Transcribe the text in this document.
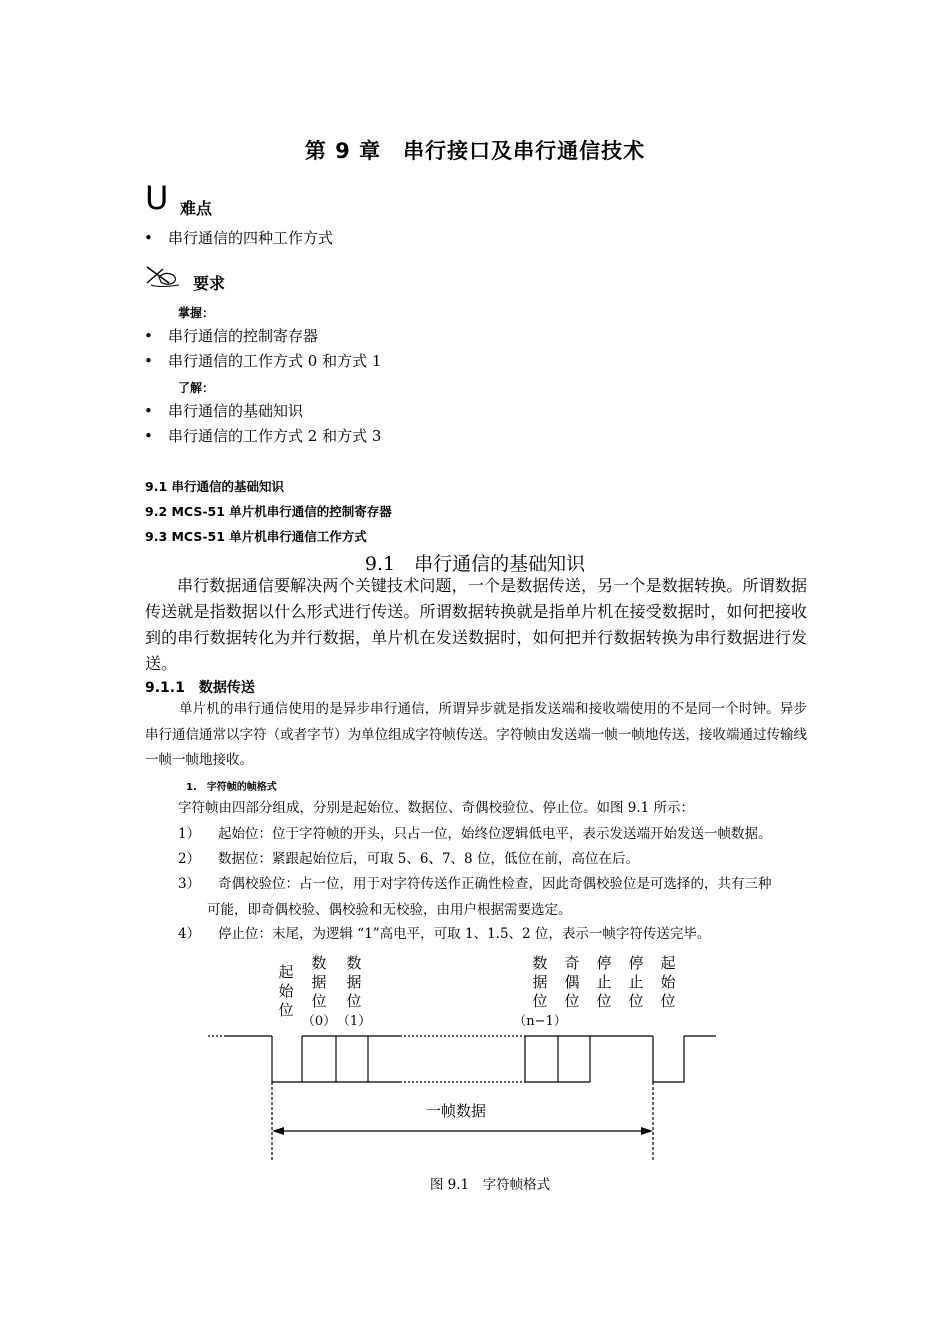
第 9 章　串行接口及串行通信技术
U 难点
• 串行通信的四种工作方式
要求
掌握：
• 串行通信的控制寄存器
• 串行通信的工作方式 0 和方式 1
了解：
• 串行通信的基础知识
• 串行通信的工作方式 2 和方式 3
9.1 串行通信的基础知识
9.2 MCS-51 单片机串行通信的控制寄存器
9.3 MCS-51 单片机串行通信工作方式
9.1　串行通信的基础知识

串行数据通信要解决两个关键技术问题，一个是数据传送，另一个是数据转换。所谓数据传送就是指数据以什么形式进行传送。所谓数据转换就是指单片机在接受数据时，如何把接收到的串行数据转化为并行数据，单片机在发送数据时，如何把并行数据转换为串行数据进行发送。

9.1.1　数据传送

单片机的串行通信使用的是异步串行通信，所谓异步就是指发送端和接收端使用的不是同一个时钟。异步串行通信通常以字符（或者字节）为单位组成字符帧传送。字符帧由发送端一帧一帧地传送，接收端通过传输线一帧一帧地接收。

1.　字符帧的帧格式
字符帧由四部分组成，分别是起始位、数据位、奇偶校验位、停止位。如图 9.1 所示：
1） 起始位：位于字符帧的开头，只占一位，始终位逻辑低电平，表示发送端开始发送一帧数据。
2） 数据位：紧跟起始位后，可取 5、6、7、8 位，低位在前，高位在后。
3） 奇偶校验位：占一位，用于对字符传送作正确性检查，因此奇偶校验位是可选择的，共有三种
可能，即奇偶校验、偶校验和无校验，由用户根据需要选定。
4） 停止位：末尾，为逻辑 “1”高电平，可取 1、1.5、2 位，表示一帧字符传送完毕。
起
始
位
数
据
位
（0）
数
据
位
（1）
数
据
位
（n−1）
奇
偶
位
停
止
位
停
止
位
起
始
位
一帧数据
图 9.1　字符帧格式
